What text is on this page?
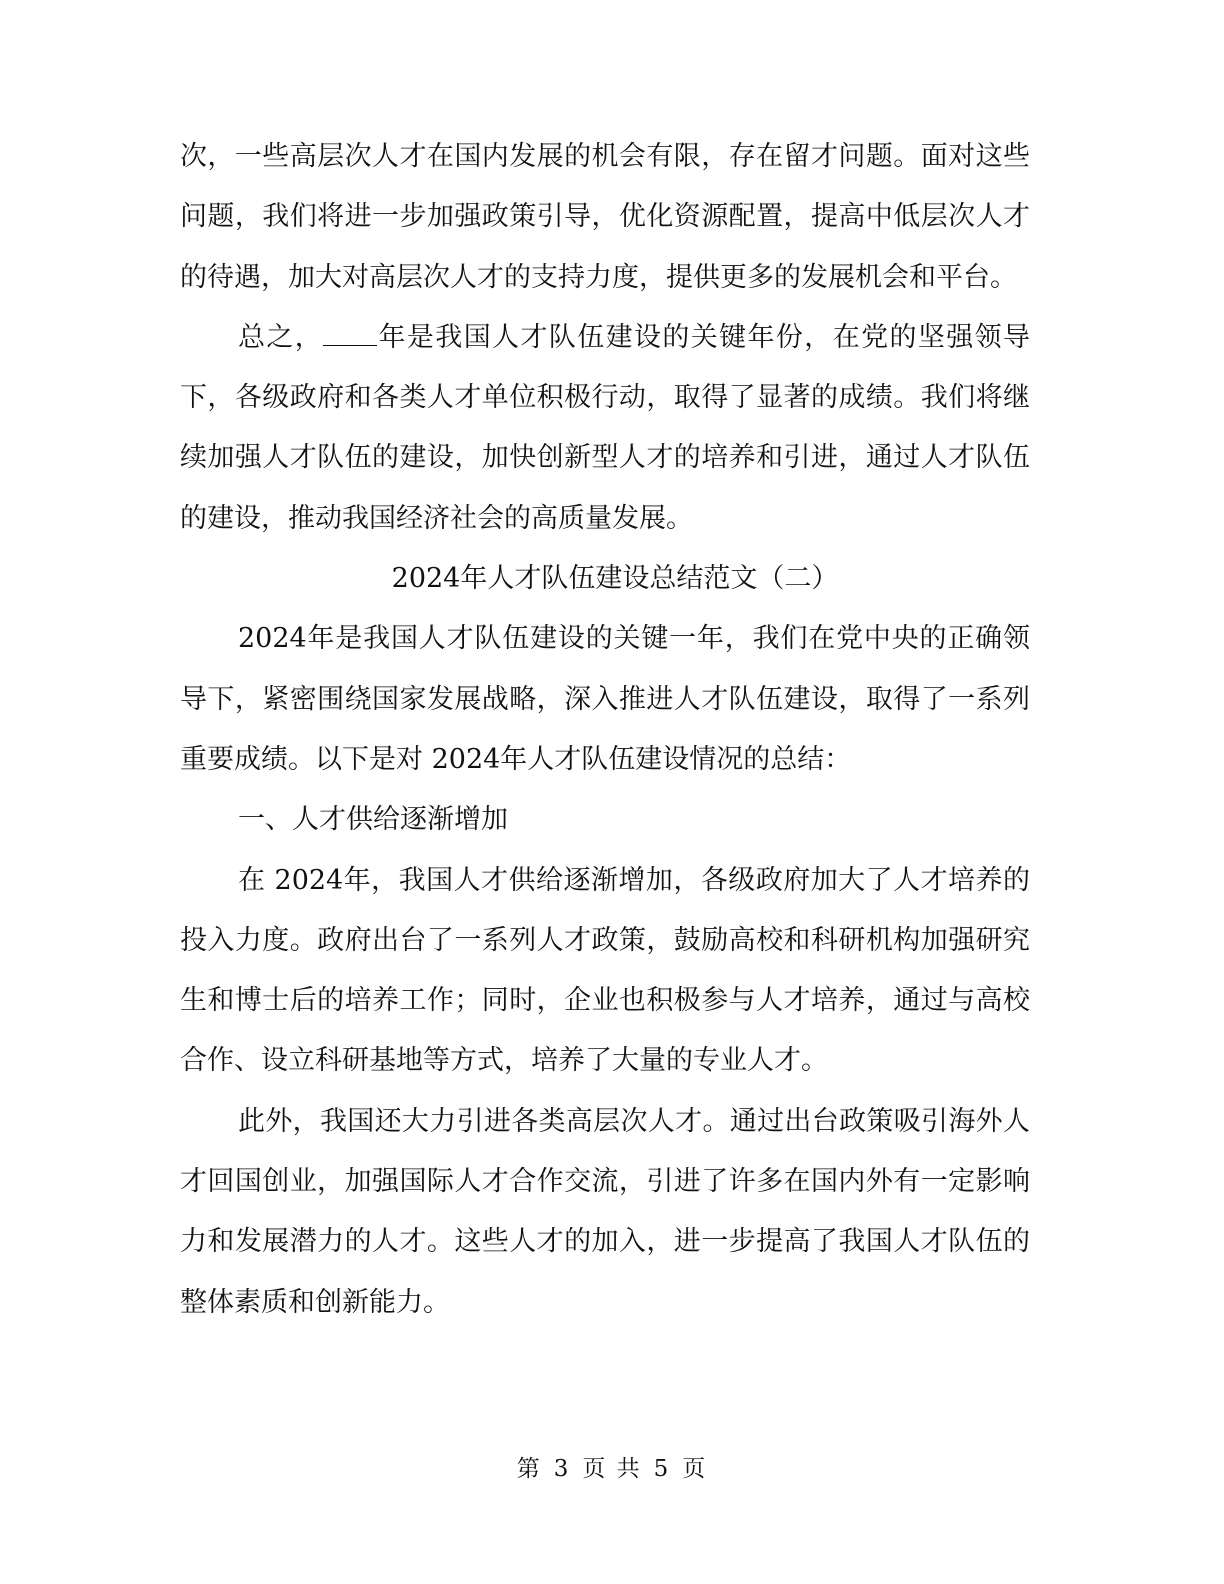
次，一些高层次人才在国内发展的机会有限，存在留才问题。面对这些问题，我们将进一步加强政策引导，优化资源配置，提高中低层次人才的待遇，加大对高层次人才的支持力度，提供更多的发展机会和平台。

总之， 年是我国人才队伍建设的关键年份，在党的坚强领导下，各级政府和各类人才单位积极行动，取得了显著的成绩。我们将继续加强人才队伍的建设，加快创新型人才的培养和引进，通过人才队伍的建设，推动我国经济社会的高质量发展。

2024年人才队伍建设总结范文（二）

2024年是我国人才队伍建设的关键一年，我们在党中央的正确领导下，紧密围绕国家发展战略，深入推进人才队伍建设，取得了一系列重要成绩。以下是对 2024年人才队伍建设情况的总结：

一、人才供给逐渐增加

在 2024年，我国人才供给逐渐增加，各级政府加大了人才培养的投入力度。政府出台了一系列人才政策，鼓励高校和科研机构加强研究生和博士后的培养工作；同时，企业也积极参与人才培养，通过与高校合作、设立科研基地等方式，培养了大量的专业人才。

此外，我国还大力引进各类高层次人才。通过出台政策吸引海外人才回国创业，加强国际人才合作交流，引进了许多在国内外有一定影响力和发展潜力的人才。这些人才的加入，进一步提高了我国人才队伍的整体素质和创新能力。

第 3 页 共 5 页
